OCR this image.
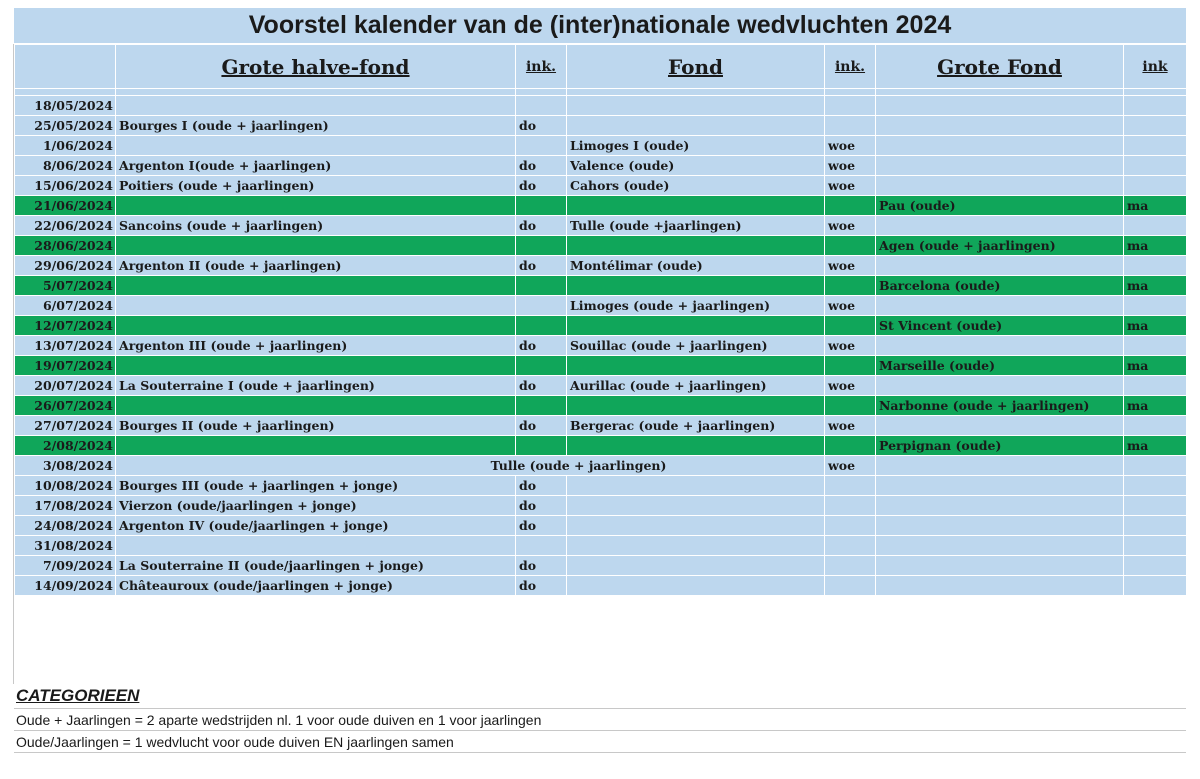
Voorstel kalender van de (inter)nationale wedvluchten 2024
	Grote halve-fond	ink.	Fond	ink.	Grote Fond	ink

18/05/2024						
25/05/2024	Bourges I (oude + jaarlingen)	do				
1/06/2024			Limoges I (oude)	woe		
8/06/2024	Argenton I(oude + jaarlingen)	do	Valence (oude)	woe		
15/06/2024	Poitiers (oude + jaarlingen)	do	Cahors (oude)	woe		
21/06/2024					Pau (oude)	ma
22/06/2024	Sancoins (oude + jaarlingen)	do	Tulle (oude +jaarlingen)	woe		
28/06/2024					Agen (oude + jaarlingen)	ma
29/06/2024	Argenton II (oude + jaarlingen)	do	Montélimar (oude)	woe		
5/07/2024					Barcelona (oude)	ma
6/07/2024			Limoges (oude + jaarlingen)	woe		
12/07/2024					St Vincent (oude)	ma
13/07/2024	Argenton III (oude + jaarlingen)	do	Souillac (oude + jaarlingen)	woe		
19/07/2024					Marseille (oude)	ma
20/07/2024	La Souterraine I (oude + jaarlingen)	do	Aurillac (oude + jaarlingen)	woe		
26/07/2024					Narbonne (oude + jaarlingen)	ma
27/07/2024	Bourges II (oude + jaarlingen)	do	Bergerac (oude + jaarlingen)	woe		
2/08/2024					Perpignan (oude)	ma
3/08/2024	Tulle (oude + jaarlingen)			woe		
10/08/2024	Bourges III (oude + jaarlingen + jonge)	do				
17/08/2024	Vierzon (oude/jaarlingen + jonge)	do				
24/08/2024	Argenton IV (oude/jaarlingen + jonge)	do				
31/08/2024						
7/09/2024	La Souterraine II (oude/jaarlingen + jonge)	do				
14/09/2024	Châteauroux (oude/jaarlingen + jonge)	do				
CATEGORIEEN
Oude + Jaarlingen = 2 aparte wedstrijden nl. 1 voor oude duiven en 1 voor jaarlingen
Oude/Jaarlingen = 1 wedvlucht voor oude duiven EN jaarlingen samen
